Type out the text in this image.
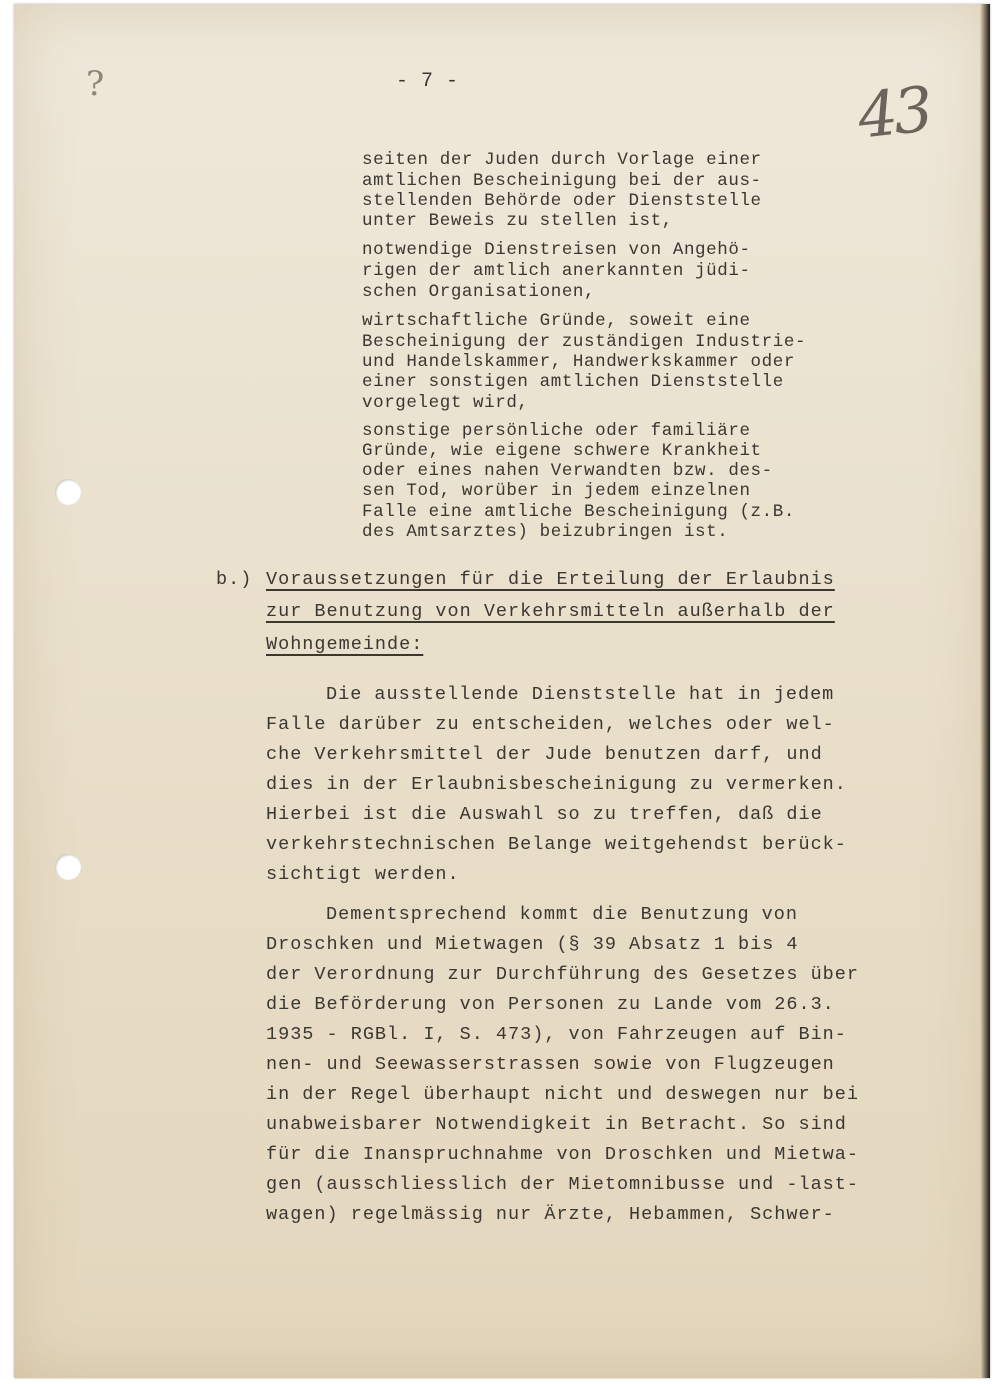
?	- 7 -	43
seiten der Juden durch Vorlage einer
amtlichen Bescheinigung bei der aus-
stellenden Behörde oder Dienststelle
unter Beweis zu stellen ist,
notwendige Dienstreisen von Angehö-
rigen der amtlich anerkannten jüdi-
schen Organisationen,
wirtschaftliche Gründe, soweit eine
Bescheinigung der zuständigen Industrie-
und Handelskammer, Handwerkskammer oder
einer sonstigen amtlichen Dienststelle
vorgelegt wird,
sonstige persönliche oder familiäre
Gründe, wie eigene schwere Krankheit
oder eines nahen Verwandten bzw. des-
sen Tod, worüber in jedem einzelnen
Falle eine amtliche Bescheinigung (z.B.
des Amtsarztes) beizubringen ist.
b.) Voraussetzungen für die Erteilung der Erlaubnis
zur Benutzung von Verkehrsmitteln außerhalb der
Wohngemeinde:
Die ausstellende Dienststelle hat in jedem
Falle darüber zu entscheiden, welches oder wel-
che Verkehrsmittel der Jude benutzen darf, und
dies in der Erlaubnisbescheinigung zu vermerken.
Hierbei ist die Auswahl so zu treffen, daß die
verkehrstechnischen Belange weitgehendst berück-
sichtigt werden.
Dementsprechend kommt die Benutzung von
Droschken und Mietwagen (§ 39 Absatz 1 bis 4
der Verordnung zur Durchführung des Gesetzes über
die Beförderung von Personen zu Lande vom 26.3.
1935 - RGBl. I, S. 473), von Fahrzeugen auf Bin-
nen- und Seewasserstrassen sowie von Flugzeugen
in der Regel überhaupt nicht und deswegen nur bei
unabweisbarer Notwendigkeit in Betracht. So sind
für die Inanspruchnahme von Droschken und Mietwa-
gen (ausschliesslich der Mietomnibusse und -last-
wagen) regelmässig nur Ärzte, Hebammen, Schwer-
